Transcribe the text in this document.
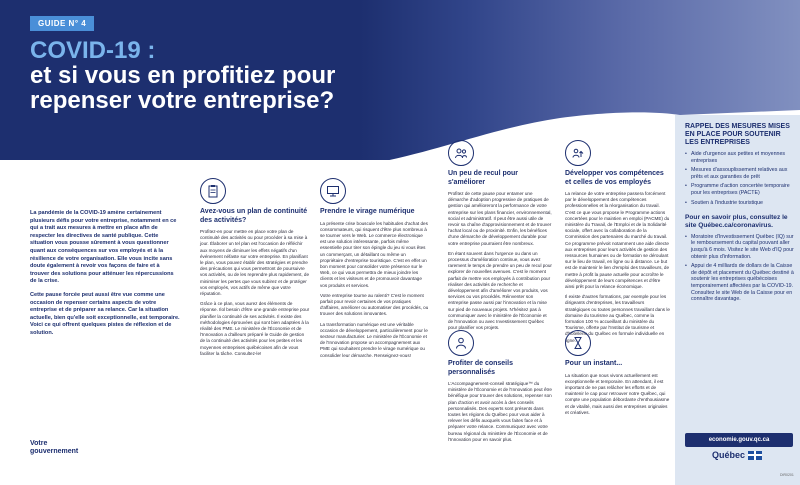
GUIDE N° 4
COVID-19 :
et si vous en profitiez pour repenser votre entreprise?

La pandémie de la COVID-19 amène certainement plusieurs défis pour votre entreprise, notamment en ce qui a trait aux mesures à mettre en place afin de respecter les directives de santé publique. Cette situation vous pousse sûrement à vous questionner quant aux conséquences sur vos employés et à la résilience de votre organisation. Elle vous incite sans doute également à revoir vos façons de faire et à trouver des solutions pour atténuer les répercussions de la crise.

Cette pause forcée peut aussi être vue comme une occasion de repenser certains aspects de votre entreprise et de préparer sa relance. Car la situation actuelle, bien qu'elle soit exceptionnelle, est temporaire. Voici ce qui offrent quelques pistes de réflexion et de solution.

Votre
gouvernement
Avez-vous un plan de continuité des activités?

Profitez-en pour mettre en place votre plan de continuité des activités ou pour procéder à sa mise à jour. Élaborer un tel plan est l'occasion de réfléchir aux moyens de diminuer les effets négatifs d'un événement néfaste sur votre entreprise. En planifiant le plan, vous pouvez établir des stratégies et prendre des précautions qui vous permettront de poursuivre vos activités, ou de les reprendre plus rapidement, de minimiser les pertes que vous subirez et de protéger vos employés, vos actifs de même que votre réputation.

Grâce à ce plan, vous aurez des éléments de réponse. Ilol besoin d'être une grande entreprise pour planifier la continuité de ses activités. Il existe des méthodologies éprouvées qui sont bien adaptées à la réalité des PME. Le ministère de l'Économie et de l'Innovation a d'ailleurs préparé le Guide de gestion de la continuité des activités pour les petites et les moyennes entreprises québécoises afin de vous faciliter la tâche. Consultez-le!

Prendre le virage numérique

La présente crise bouscule les habitudes d'achat des consommateurs, qui risquent d'être plus nombreux à se tourner vers le Web. Le commerce électronique est une solution intéressante, parfois même essentielle pour tirer son épingle du jeu si vous êtes un commerçant, un détaillant ou même un propriétaire d'entreprise touristique. C'est en effet un bon moment pour consolider votre présence sur le Web, ce qui vous permettra de mieux joindre les clients et les visiteurs et de promouvoir davantage vos produits et services.

Votre entreprise tourne au ralenti? C'est le moment parfait pour revoir certaines de vos pratiques d'affaires, améliorer ou automatiser des procédés, ou trouver des solutions innovantes.

La transformation numérique est une véritable occasion de développement, particulièrement pour le secteur manufacturier. Le ministère de l'Économie et de l'Innovation propose un accompagnement aux PME qui souhaitent prendre le virage numérique ou consolider leur démarche. Renseignez-vous!

Un peu de recul pour s'améliorer

Profitez de cette pause pour entamer une démarche d'adoption progressive de pratiques de gestion qui amélioreront la performance de votre entreprise sur les plans financier, environnemental, social et administratif. Il peut être aussi utile de revoir sa chaîne d'approvisionnement et de trouver l'achat local ou de proximité. Enfin, les bénéfices d'une démarche de développement durable pour votre entreprise pourraient être nombreux.

En étant souvent dans l'urgence ou dans un processus d'amélioration continue, vous avez rarement le temps de prendre un peu de recul pour explorer de nouvelles avenues. C'est le moment parfait de mettre vos employés à contribution pour réaliser des activités de recherche et développement afin d'améliorer vos produits, vos services ou vos procédés. Réinventer son entreprise passe aussi par l'innovation et la mise sur pied de nouveaux projets. N'hésitez pas à communiquer avec le ministère de l'Économie et de l'Innovation ou avec Investissement Québec pour planifier vos projets.

Profiter de conseils personnalisés

L'Accompagnement-conseil stratégique™ du ministère de l'Économie et de l'Innovation peut être bénéfique pour trouver des solutions, repenser son plan d'action et avoir accès à des conseils personnalisés. Des experts sont présents dans toutes les régions du Québec pour vous aider à relever les défis auxquels vous faites face et à préparer votre relance. Communiquez avec votre bureau régional du ministère de l'Économie et de l'Innovation pour en savoir plus.

Développer vos compétences et celles de vos employés

La relance de votre entreprise passera forcément par le développement des compétences professionnelles et la réorganisation du travail. C'est ce que vous propose le Programme actions concertées pour le maintien en emploi (PACME) du ministère du Travail, de l'Emploi et de la Solidarité sociale, offert avec la collaboration de la Commission des partenaires du marché du travail. Ce programme prévoit notamment une aide directe aux entreprises pour leurs activités de gestion des ressources humaines ou de formation se déroulant sur le lieu de travail, en ligne ou à distance. Le but est de maintenir le lien d'emploi des travailleurs, de mettre à profit la pause actuelle pour accroître le développement de leurs compétences et d'être ainsi prêt pour la relance économique.

Il existe d'autres formations, par exemple pour les dirigeants d'entreprises, les travailleurs stratégiques ou toutes personnes travaillant dans le domaine du tourisme au Québec, comme la formation 100 % accueillant du ministère du Tourisme, offerte par l'Institut de tourisme et d'hôtellerie du Québec en formule individuelle en ligne.

Pour un instant...

La situation que nous vivons actuellement est exceptionnelle et temporaire. En attendant, il est important de ne pas relâcher les efforts et de maintenir le cap pour retrouver notre Québec, qui compte une population débordante d'enthousiasme et de vitalité, mais aussi des entreprises originales et créatives.

RAPPEL DES MESURES MISES EN PLACE POUR SOUTENIR LES ENTREPRISES
• Aide d'urgence aux petites et moyennes entreprises
• Mesures d'assouplissement relatives aux prêts et aux garanties de prêt
• Programme d'action concertée temporaire pour les entreprises (PACTE)
• Soutien à l'industrie touristique
Pour en savoir plus, consultez le site Québec.ca/coronavirus.
• Moratoire d'Investissement Québec (IQ) sur le remboursement du capital pouvant aller jusqu'à 6 mois. Visitez le site Web d'IQ pour obtenir plus d'information.
• Appui de 4 milliards de dollars de la Caisse de dépôt et placement du Québec destiné à soutenir les entreprises québécoises temporairement affectées par la COVID-19. Consultez le site Web de la Caisse pour en connaître davantage.
economie.gouv.qc.ca
Québec
DIR0201
